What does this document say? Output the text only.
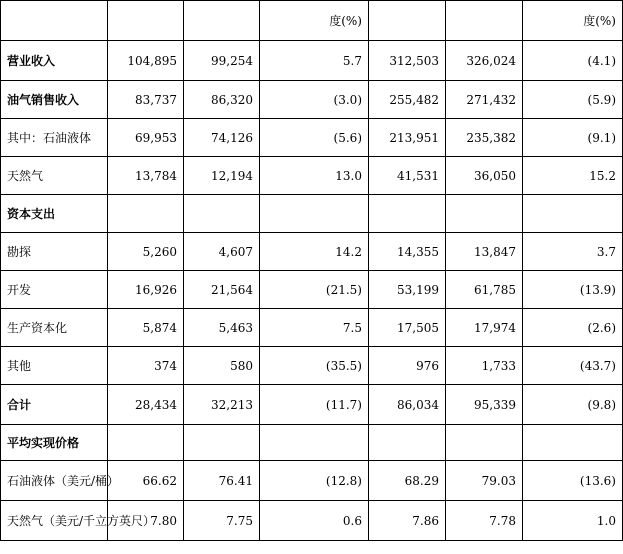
			度(%)			度(%)
营业收入	104,895	99,254	5.7	312,503	326,024	(4.1)
油气销售收入	83,737	86,320	(3.0)	255,482	271,432	(5.9)
其中：石油液体	69,953	74,126	(5.6)	213,951	235,382	(9.1)
天然气	13,784	12,194	13.0	41,531	36,050	15.2
资本支出						
勘探	5,260	4,607	14.2	14,355	13,847	3.7
开发	16,926	21,564	(21.5)	53,199	61,785	(13.9)
生产资本化	5,874	5,463	7.5	17,505	17,974	(2.6)
其他	374	580	(35.5)	976	1,733	(43.7)
合计	28,434	32,213	(11.7)	86,034	95,339	(9.8)
平均实现价格						
石油液体（美元/桶）	66.62	76.41	(12.8)	68.29	79.03	(13.6)
天然气（美元/千立方英尺）	7.80	7.75	0.6	7.86	7.78	1.0
